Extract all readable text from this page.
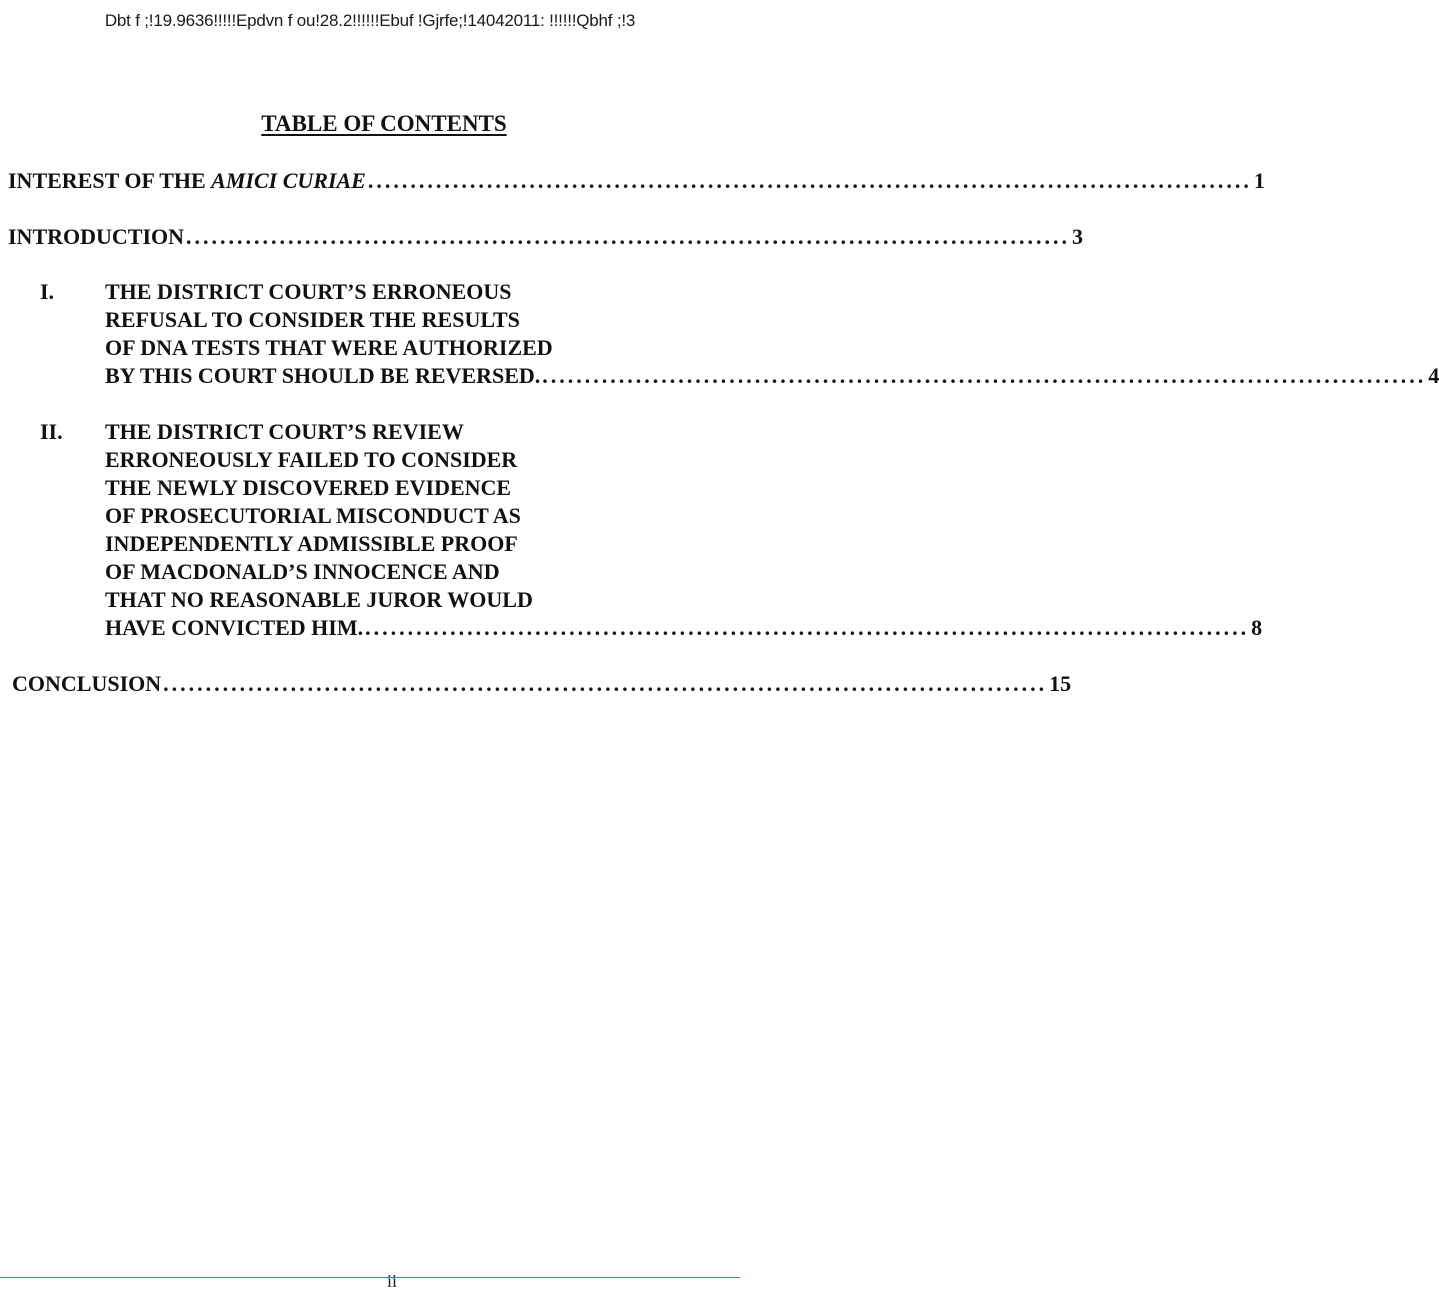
Dbt f ;!19.9636!!!!!Epdvn f ou!28.2!!!!!!Ebuf !Gjrfe;!14042011: !!!!!!Qbhf ;!3
TABLE OF CONTENTS
INTEREST OF THE AMICI CURIAE ........................................................................................................ 1
INTRODUCTION ........................................................................................................ 3
I.	THE DISTRICT COURT’S ERRONEOUS
REFUSAL TO CONSIDER THE RESULTS
OF DNA TESTS THAT WERE AUTHORIZED
BY THIS COURT SHOULD BE REVERSED. ........................................................................................................ 4
II.	THE DISTRICT COURT’S REVIEW
ERRONEOUSLY FAILED TO CONSIDER
THE NEWLY DISCOVERED EVIDENCE
OF PROSECUTORIAL MISCONDUCT AS
INDEPENDENTLY ADMISSIBLE PROOF
OF MACDONALD’S INNOCENCE AND
THAT NO REASONABLE JUROR WOULD
HAVE CONVICTED HIM. ........................................................................................................ 8
CONCLUSION ........................................................................................................ 15
ii
